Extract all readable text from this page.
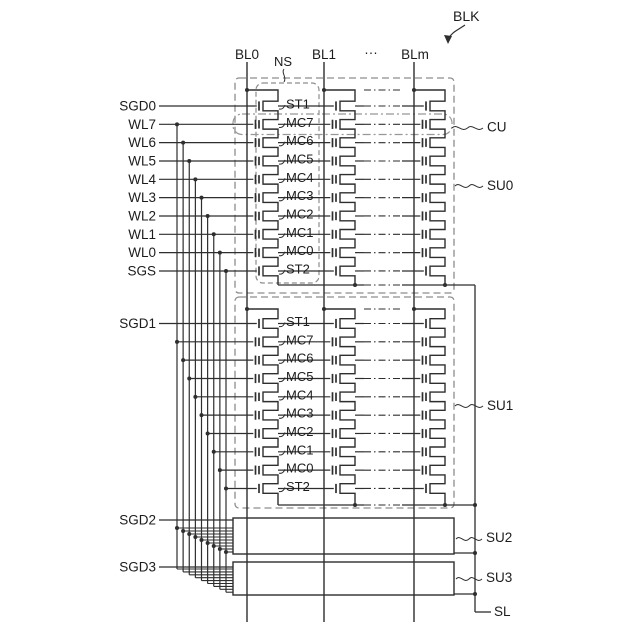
SGD0
WL7
WL6
WL5
WL4
WL3
WL2
WL1
WL0
SGS
SGD1
SGD2
SGD3
BL0	BL1 ··· BLm
NS
ST1
MC7
MC6
MC5
MC4
MC3
MC2
MC1
MC0
ST2
ST1
MC7
MC6
MC5
MC4
MC3
MC2
MC1
MC0
ST2
CU
SU0
SU1
SU2
SU3
SL
BLK
